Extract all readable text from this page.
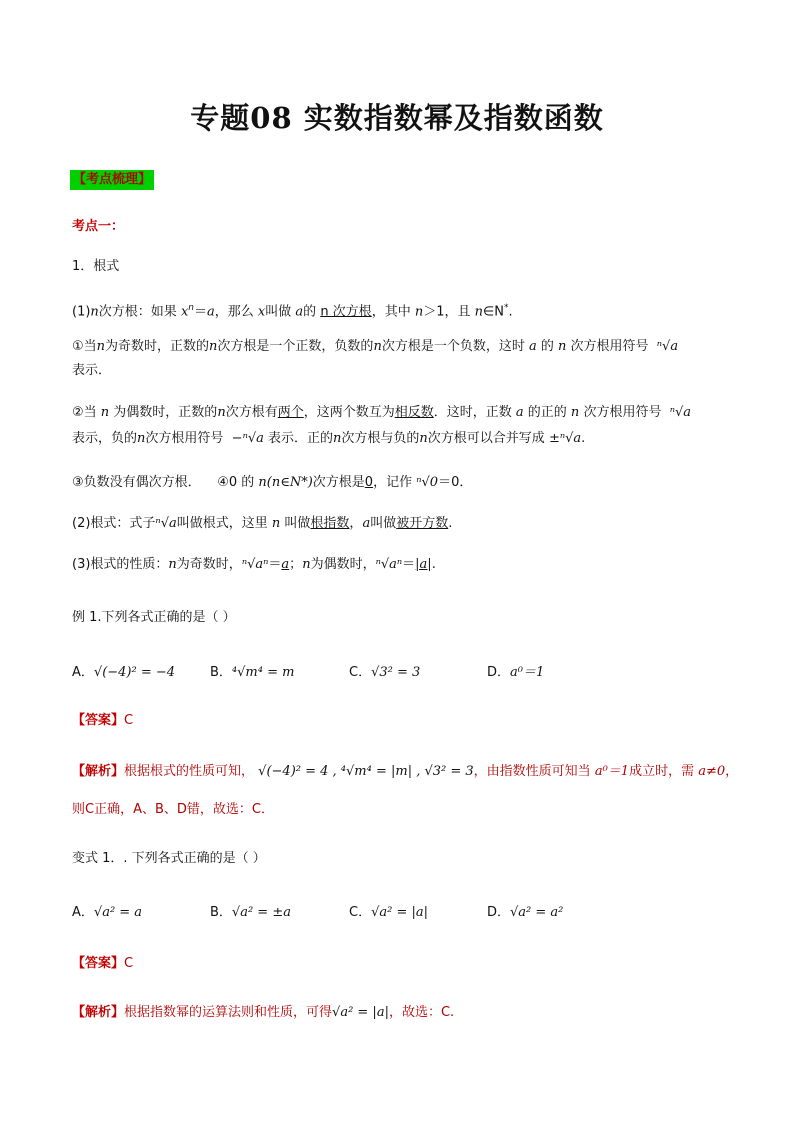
专题08 实数指数幂及指数函数
【考点梳理】
考点一：
1．根式
(1)n次方根：如果 $x^n=a$，那么 x叫做 a的 n 次方根，其中 n＞1，且 n∈N*.
①当n为奇数时，正数的n次方根是一个正数，负数的n次方根是一个负数，这时 a 的 n 次方根用符号 ⁿ√a
表示．
②当 n 为偶数时，正数的n次方根有两个，这两个数互为相反数．这时，正数 a 的正的 n 次方根用符号 ⁿ√a
表示，负的n次方根用符号 −ⁿ√a 表示．正的n次方根与负的n次方根可以合并写成 ±ⁿ√a.
③负数没有偶次方根． ④0 的 n(n∈N*)次方根是0，记作 ⁿ√0＝0．
(2)根式：式子ⁿ√a叫做根式，这里 n 叫做根指数，a叫做被开方数.
(3)根式的性质：n为奇数时，ⁿ√aⁿ＝a；n为偶数时，ⁿ√aⁿ＝|a|.
例 1.下列各式正确的是（ ）
A．√(−4)² = −4	B．⁴√m⁴ = m	C．√3² = 3	D．a⁰＝1
【答案】C
【解析】根据根式的性质可知， √(−4)² = 4 , ⁴√m⁴ = |m| , √3² = 3，由指数性质可知当 a⁰＝1成立时，需 a≠0，
则C正确，A、B、D错，故选：C．
变式 1．. 下列各式正确的是（ ）
A．√a² = a	B．√a² = ±a	C．√a² = |a|	D．√a² = a²
【答案】C
【解析】根据指数幂的运算法则和性质，可得√a² = |a|，故选：C.
